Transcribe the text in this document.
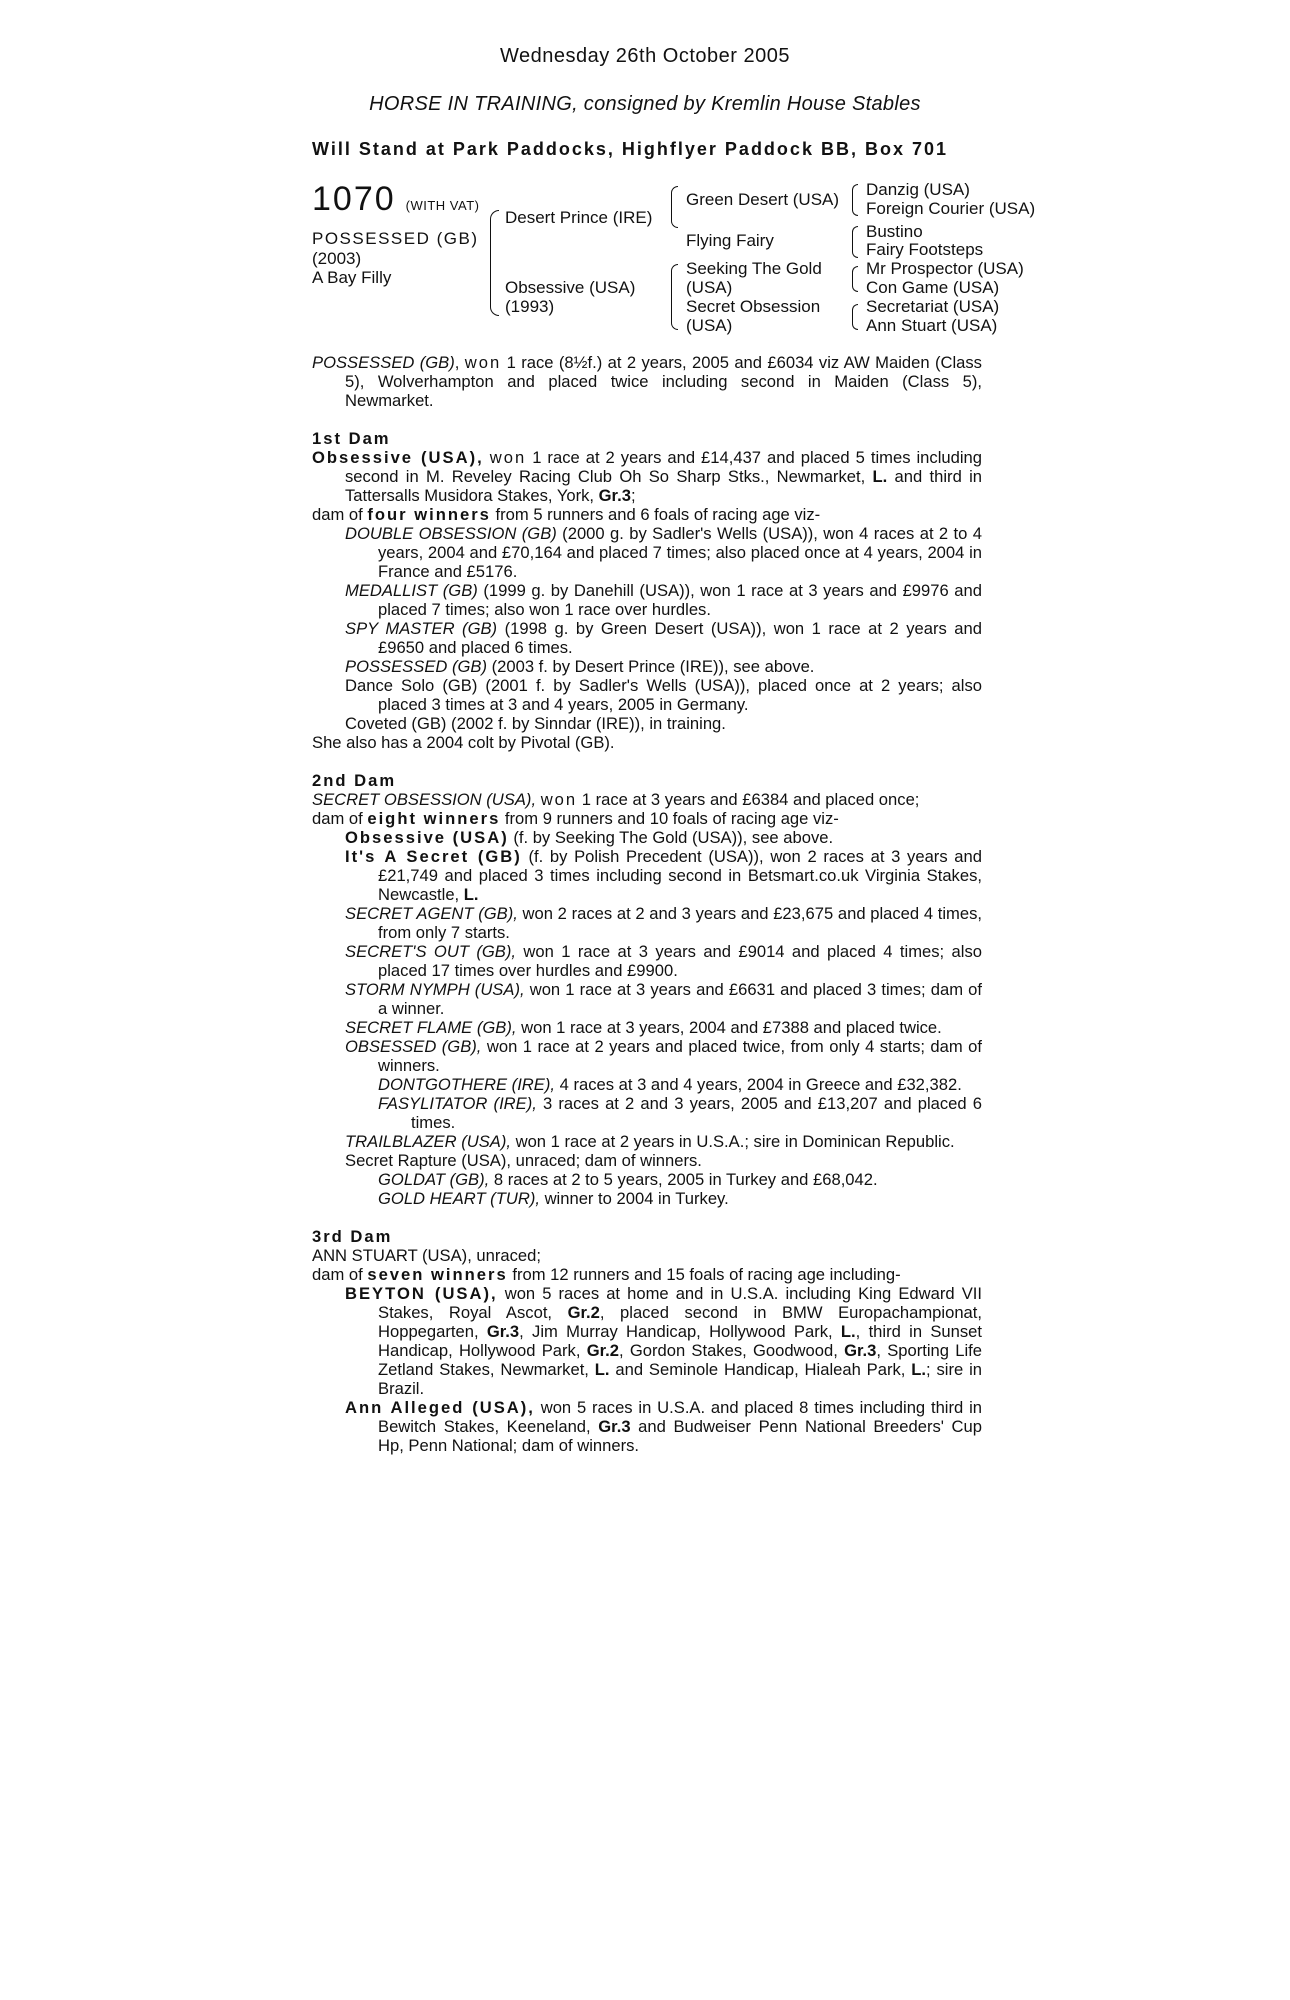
Wednesday 26th October 2005
HORSE IN TRAINING, consigned by Kremlin House Stables
Will Stand at Park Paddocks, Highflyer Paddock BB, Box 701
1070 (WITH VAT)
POSSESSED (GB)
(2003)
A Bay Filly
Desert Prince (IRE)
Obsessive (USA)
(1993)
Green Desert (USA)
Flying Fairy
Seeking The Gold
(USA)
Secret Obsession
(USA)
Danzig (USA)
Foreign Courier (USA)
Bustino
Fairy Footsteps
Mr Prospector (USA)
Con Game (USA)
Secretariat (USA)
Ann Stuart (USA)

POSSESSED (GB), won 1 race (8½f.) at 2 years, 2005 and £6034 viz AW Maiden (Class 5), Wolverhampton and placed twice including second in Maiden (Class 5), Newmarket.

1st Dam

Obsessive (USA), won 1 race at 2 years and £14,437 and placed 5 times including second in M. Reveley Racing Club Oh So Sharp Stks., Newmarket, L. and third in Tattersalls Musidora Stakes, York, Gr.3;

dam of four winners from 5 runners and 6 foals of racing age viz-

DOUBLE OBSESSION (GB) (2000 g. by Sadler's Wells (USA)), won 4 races at 2 to 4 years, 2004 and £70,164 and placed 7 times; also placed once at 4 years, 2004 in France and £5176.

MEDALLIST (GB) (1999 g. by Danehill (USA)), won 1 race at 3 years and £9976 and placed 7 times; also won 1 race over hurdles.

SPY MASTER (GB) (1998 g. by Green Desert (USA)), won 1 race at 2 years and £9650 and placed 6 times.

POSSESSED (GB) (2003 f. by Desert Prince (IRE)), see above.

Dance Solo (GB) (2001 f. by Sadler's Wells (USA)), placed once at 2 years; also placed 3 times at 3 and 4 years, 2005 in Germany.

Coveted (GB) (2002 f. by Sinndar (IRE)), in training.

She also has a 2004 colt by Pivotal (GB).

2nd Dam

SECRET OBSESSION (USA), won 1 race at 3 years and £6384 and placed once;

dam of eight winners from 9 runners and 10 foals of racing age viz-

Obsessive (USA) (f. by Seeking The Gold (USA)), see above.

It's A Secret (GB) (f. by Polish Precedent (USA)), won 2 races at 3 years and £21,749 and placed 3 times including second in Betsmart.co.uk Virginia Stakes, Newcastle, L.

SECRET AGENT (GB), won 2 races at 2 and 3 years and £23,675 and placed 4 times, from only 7 starts.

SECRET'S OUT (GB), won 1 race at 3 years and £9014 and placed 4 times; also placed 17 times over hurdles and £9900.

STORM NYMPH (USA), won 1 race at 3 years and £6631 and placed 3 times; dam of a winner.

SECRET FLAME (GB), won 1 race at 3 years, 2004 and £7388 and placed twice.

OBSESSED (GB), won 1 race at 2 years and placed twice, from only 4 starts; dam of winners.

DONTGOTHERE (IRE), 4 races at 3 and 4 years, 2004 in Greece and £32,382.

FASYLITATOR (IRE), 3 races at 2 and 3 years, 2005 and £13,207 and placed 6 times.

TRAILBLAZER (USA), won 1 race at 2 years in U.S.A.; sire in Dominican Republic.

Secret Rapture (USA), unraced; dam of winners.

GOLDAT (GB), 8 races at 2 to 5 years, 2005 in Turkey and £68,042.

GOLD HEART (TUR), winner to 2004 in Turkey.

3rd Dam

ANN STUART (USA), unraced;

dam of seven winners from 12 runners and 15 foals of racing age including-

BEYTON (USA), won 5 races at home and in U.S.A. including King Edward VII Stakes, Royal Ascot, Gr.2, placed second in BMW Europachampionat, Hoppegarten, Gr.3, Jim Murray Handicap, Hollywood Park, L., third in Sunset Handicap, Hollywood Park, Gr.2, Gordon Stakes, Goodwood, Gr.3, Sporting Life Zetland Stakes, Newmarket, L. and Seminole Handicap, Hialeah Park, L.; sire in Brazil.

Ann Alleged (USA), won 5 races in U.S.A. and placed 8 times including third in Bewitch Stakes, Keeneland, Gr.3 and Budweiser Penn National Breeders' Cup Hp, Penn National; dam of winners.
